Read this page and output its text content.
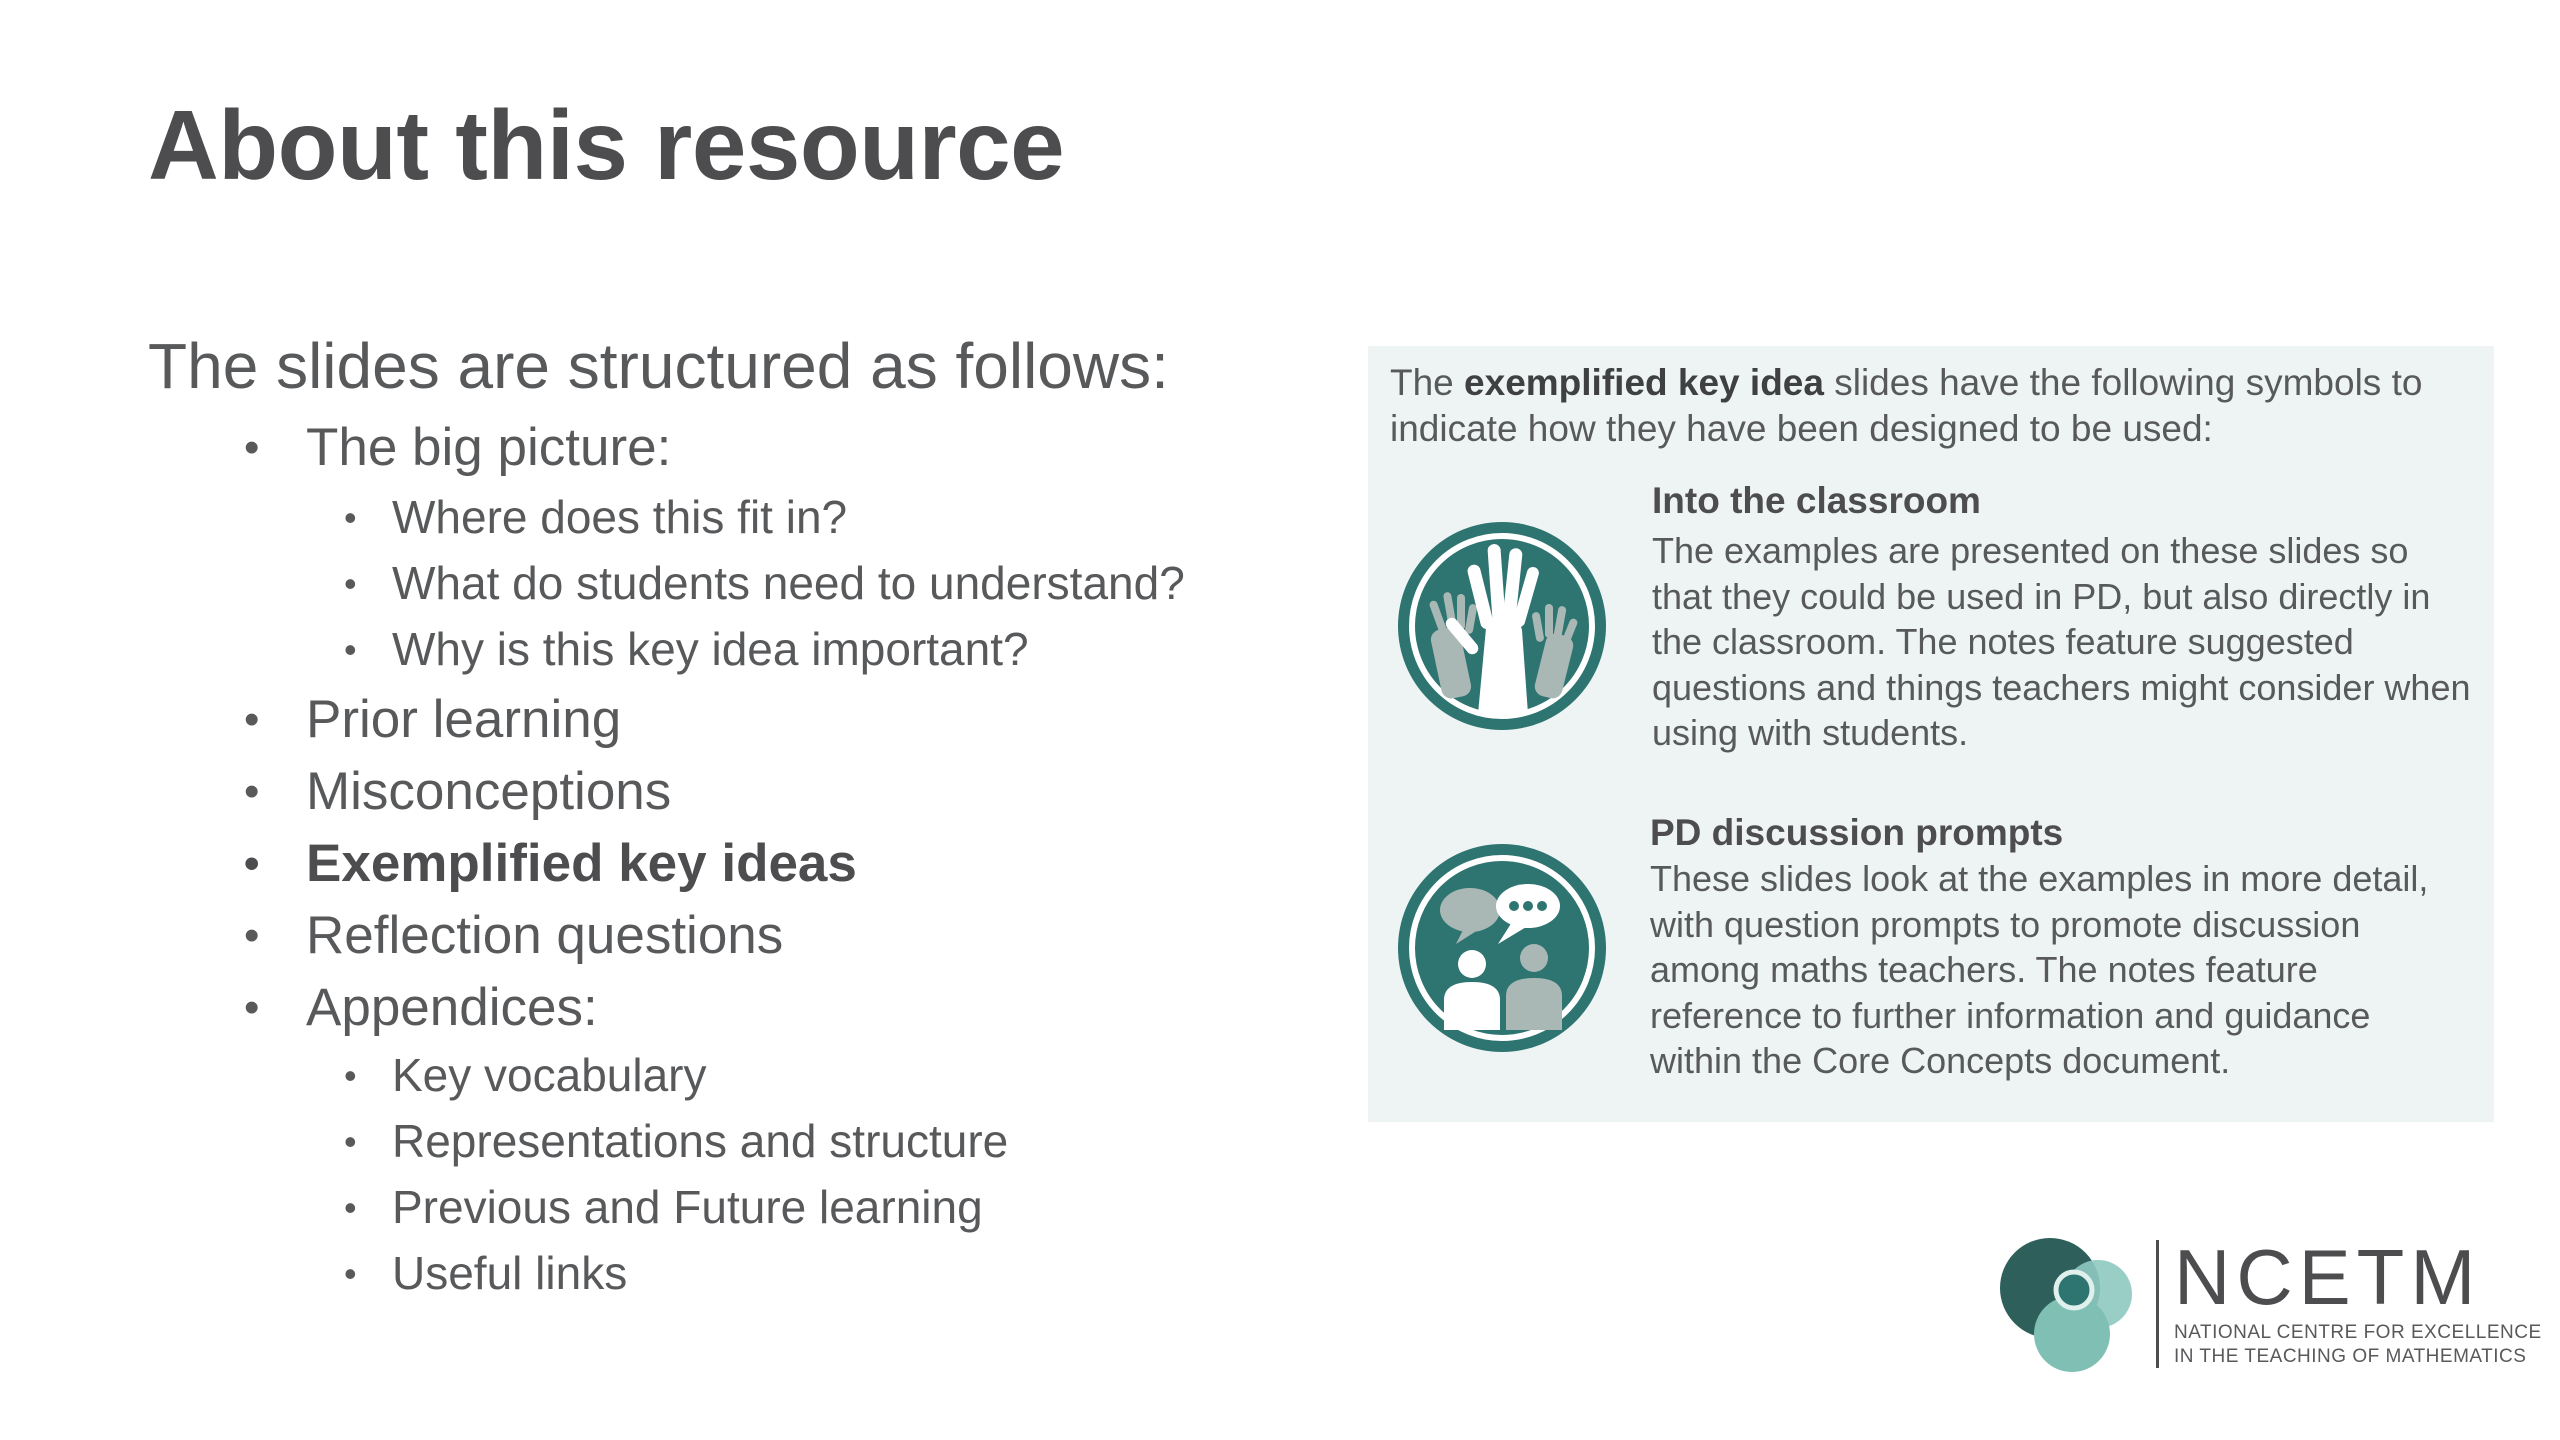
About this resource
The slides are structured as follows:
• The big picture:
• Where does this fit in?
• What do students need to understand?
• Why is this key idea important?
• Prior learning
• Misconceptions
• Exemplified key ideas
• Reflection questions
• Appendices:
• Key vocabulary
• Representations and structure
• Previous and Future learning
• Useful links
The exemplified key idea slides have the following symbols to indicate how they have been designed to be used:
Into the classroom
The examples are presented on these slides so that they could be used in PD, but also directly in the classroom. The notes feature suggested questions and things teachers might consider when using with students.
PD discussion prompts
These slides look at the examples in more detail, with question prompts to promote discussion among maths teachers. The notes feature reference to further information and guidance within the Core Concepts document.
NCETM
NATIONAL CENTRE FOR EXCELLENCE
IN THE TEACHING OF MATHEMATICS
